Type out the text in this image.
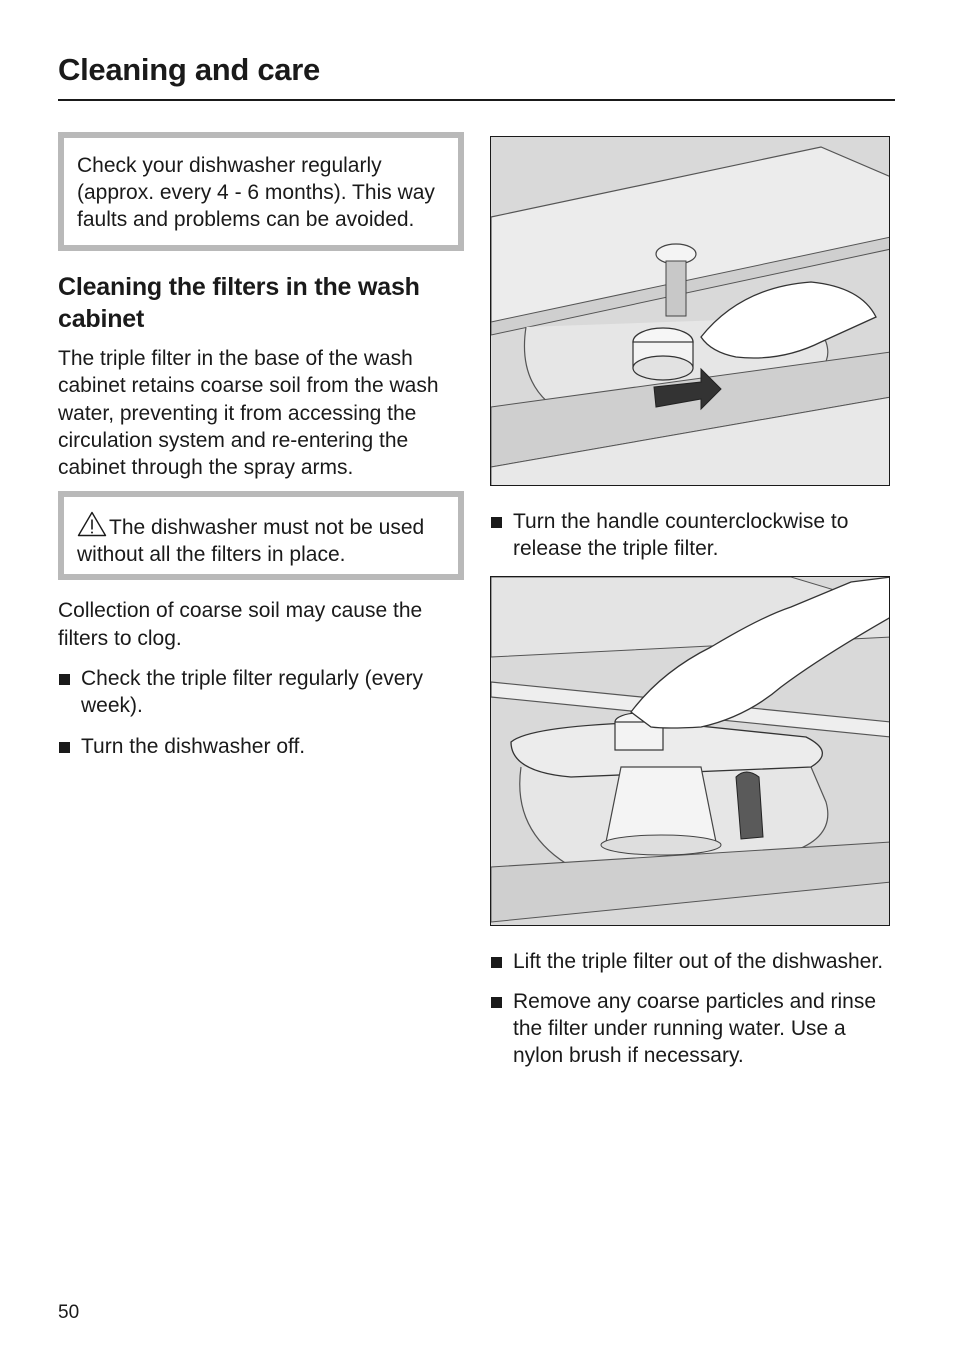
Cleaning and care
Check your dishwasher regularly (approx. every 4 - 6 months). This way faults and problems can be avoided.
Cleaning the filters in the wash cabinet

The triple filter in the base of the wash cabinet retains coarse soil from the wash water, preventing it from accessing the circulation system and re-entering the cabinet through the spray arms.

The dishwasher must not be used without all the filters in place.

Collection of coarse soil may cause the filters to clog.

Check the triple filter regularly (every week).
Turn the dishwasher off.
Turn the handle counterclockwise to release the triple filter.
Lift the triple filter out of the dishwasher.
Remove any coarse particles and rinse the filter under running water. Use a nylon brush if necessary.

50
